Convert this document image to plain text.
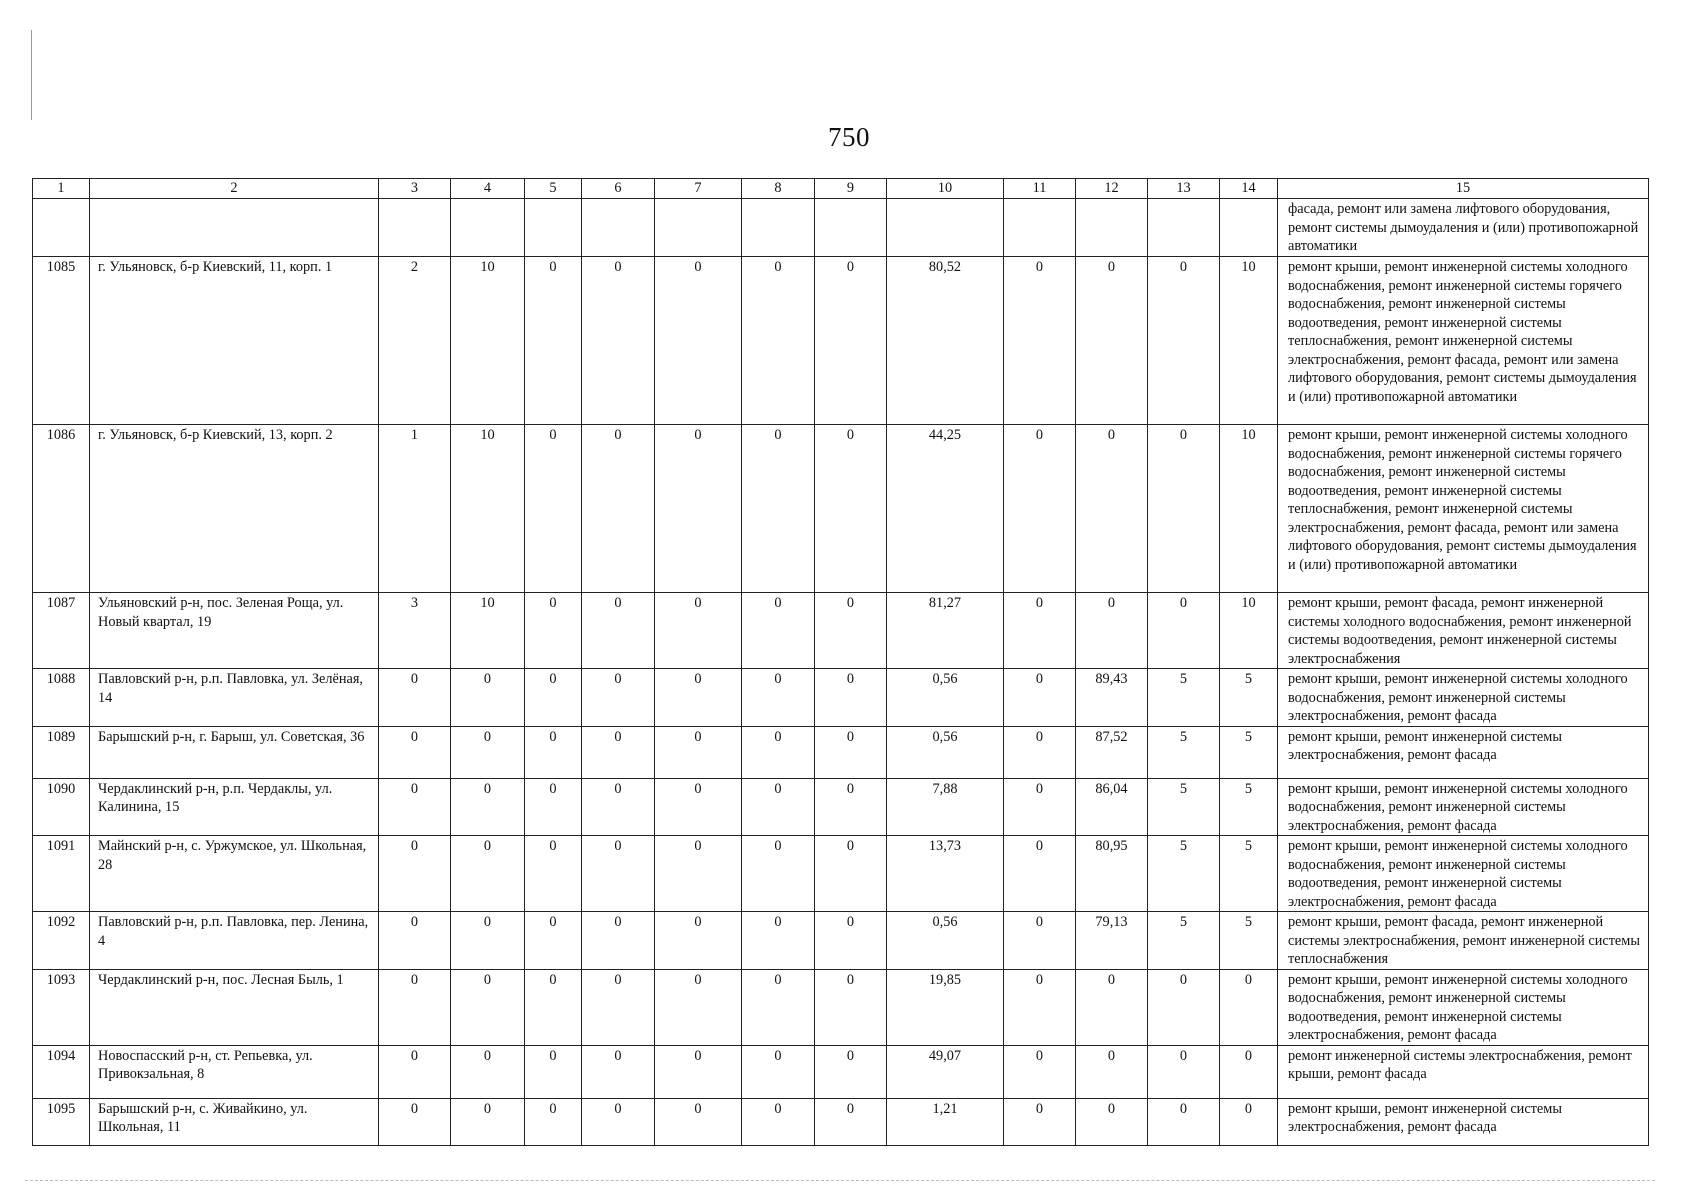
750
1	2	3	4	5	6	7	8	9	10	11	12	13	14	15
														фасада, ремонт или замена лифтового оборудования, ремонт системы дымоудаления и (или) противопожарной автоматики
1085	г. Ульяновск, б-р Киевский, 11, корп. 1	2	10	0	0	0	0	0	80,52	0	0	0	10	ремонт крыши, ремонт инженерной системы холодного водоснабжения, ремонт инженерной системы горячего водоснабжения, ремонт инженерной системы водоотведения, ремонт инженерной системы теплоснабжения, ремонт инженерной системы электроснабжения, ремонт фасада, ремонт или замена лифтового оборудования, ремонт системы дымоудаления и (или) противопожарной автоматики
1086	г. Ульяновск, б-р Киевский, 13, корп. 2	1	10	0	0	0	0	0	44,25	0	0	0	10	ремонт крыши, ремонт инженерной системы холодного водоснабжения, ремонт инженерной системы горячего водоснабжения, ремонт инженерной системы водоотведения, ремонт инженерной системы теплоснабжения, ремонт инженерной системы электроснабжения, ремонт фасада, ремонт или замена лифтового оборудования, ремонт системы дымоудаления и (или) противопожарной автоматики
1087	Ульяновский р-н, пос. Зеленая Роща, ул. Новый квартал, 19	3	10	0	0	0	0	0	81,27	0	0	0	10	ремонт крыши, ремонт фасада, ремонт инженерной системы холодного водоснабжения, ремонт инженерной системы водоотведения, ремонт инженерной системы электроснабжения
1088	Павловский р-н, р.п. Павловка, ул. Зелёная, 14	0	0	0	0	0	0	0	0,56	0	89,43	5	5	ремонт крыши, ремонт инженерной системы холодного водоснабжения, ремонт инженерной системы электроснабжения, ремонт фасада
1089	Барышский р-н, г. Барыш, ул. Советская, 36	0	0	0	0	0	0	0	0,56	0	87,52	5	5	ремонт крыши, ремонт инженерной системы электроснабжения, ремонт фасада
1090	Чердаклинский р-н, р.п. Чердаклы, ул. Калинина, 15	0	0	0	0	0	0	0	7,88	0	86,04	5	5	ремонт крыши, ремонт инженерной системы холодного водоснабжения, ремонт инженерной системы электроснабжения, ремонт фасада
1091	Майнский р-н, с. Уржумское, ул. Школьная, 28	0	0	0	0	0	0	0	13,73	0	80,95	5	5	ремонт крыши, ремонт инженерной системы холодного водоснабжения, ремонт инженерной системы водоотведения, ремонт инженерной системы электроснабжения, ремонт фасада
1092	Павловский р-н, р.п. Павловка, пер. Ленина, 4	0	0	0	0	0	0	0	0,56	0	79,13	5	5	ремонт крыши, ремонт фасада, ремонт инженерной системы электроснабжения, ремонт инженерной системы теплоснабжения
1093	Чердаклинский р-н, пос. Лесная Быль, 1	0	0	0	0	0	0	0	19,85	0	0	0	0	ремонт крыши, ремонт инженерной системы холодного водоснабжения, ремонт инженерной системы водоотведения, ремонт инженерной системы электроснабжения, ремонт фасада
1094	Новоспасский р-н, ст. Репьевка, ул. Привокзальная, 8	0	0	0	0	0	0	0	49,07	0	0	0	0	ремонт инженерной системы электроснабжения, ремонт крыши, ремонт фасада
1095	Барышский р-н, с. Живайкино, ул. Школьная, 11	0	0	0	0	0	0	0	1,21	0	0	0	0	ремонт крыши, ремонт инженерной системы электроснабжения, ремонт фасада
